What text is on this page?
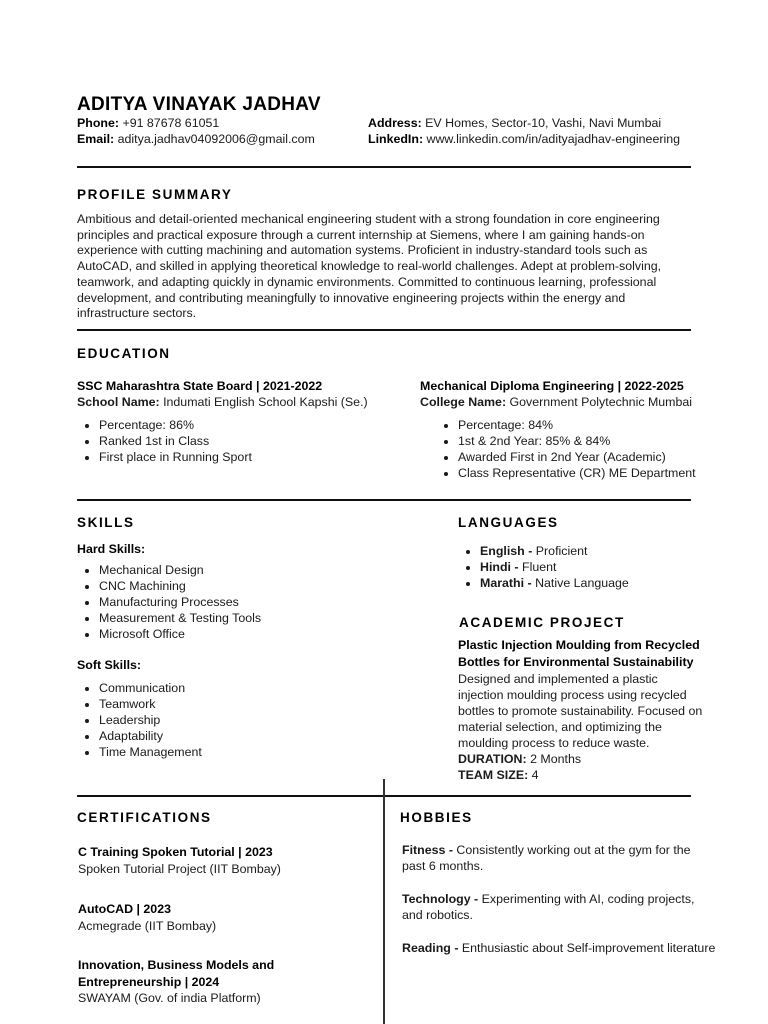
ADITYA VINAYAK JADHAV
Phone: +91 87678 61051
Email: aditya.jadhav04092006@gmail.com
Address: EV Homes, Sector-10, Vashi, Navi Mumbai
LinkedIn: www.linkedin.com/in/adityajadhav-engineering
PROFILE SUMMARY
Ambitious and detail-oriented mechanical engineering student with a strong foundation in core engineering principles and practical exposure through a current internship at Siemens, where I am gaining hands-on experience with cutting machining and automation systems. Proficient in industry-standard tools such as AutoCAD, and skilled in applying theoretical knowledge to real-world challenges. Adept at problem-solving, teamwork, and adapting quickly in dynamic environments. Committed to continuous learning, professional development, and contributing meaningfully to innovative engineering projects within the energy and infrastructure sectors.
EDUCATION
SSC Maharashtra State Board | 2021-2022
School Name: Indumati English School Kapshi (Se.)
• Percentage: 86%
• Ranked 1st in Class
• First place in Running Sport
Mechanical Diploma Engineering | 2022-2025
College Name: Government Polytechnic Mumbai
• Percentage: 84%
• 1st & 2nd Year: 85% & 84%
• Awarded First in 2nd Year (Academic)
• Class Representative (CR) ME Department
SKILLS
Hard Skills:
• Mechanical Design
• CNC Machining
• Manufacturing Processes
• Measurement & Testing Tools
• Microsoft Office
Soft Skills:
• Communication
• Teamwork
• Leadership
• Adaptability
• Time Management
LANGUAGES
• English - Proficient
• Hindi - Fluent
• Marathi - Native Language
ACADEMIC PROJECT
Plastic Injection Moulding from Recycled
Bottles for Environmental Sustainability
Designed and implemented a plastic injection moulding process using recycled bottles to promote sustainability. Focused on material selection, and optimizing the moulding process to reduce waste.
DURATION: 2 Months
TEAM SIZE: 4
CERTIFICATIONS
C Training Spoken Tutorial | 2023
Spoken Tutorial Project (IIT Bombay)
AutoCAD | 2023
Acmegrade (IIT Bombay)
Innovation, Business Models and
Entrepreneurship | 2024
SWAYAM (Gov. of india Platform)
HOBBIES
Fitness - Consistently working out at the gym for the
past 6 months.
Technology - Experimenting with AI, coding projects,
and robotics.
Reading - Enthusiastic about Self-improvement literature
